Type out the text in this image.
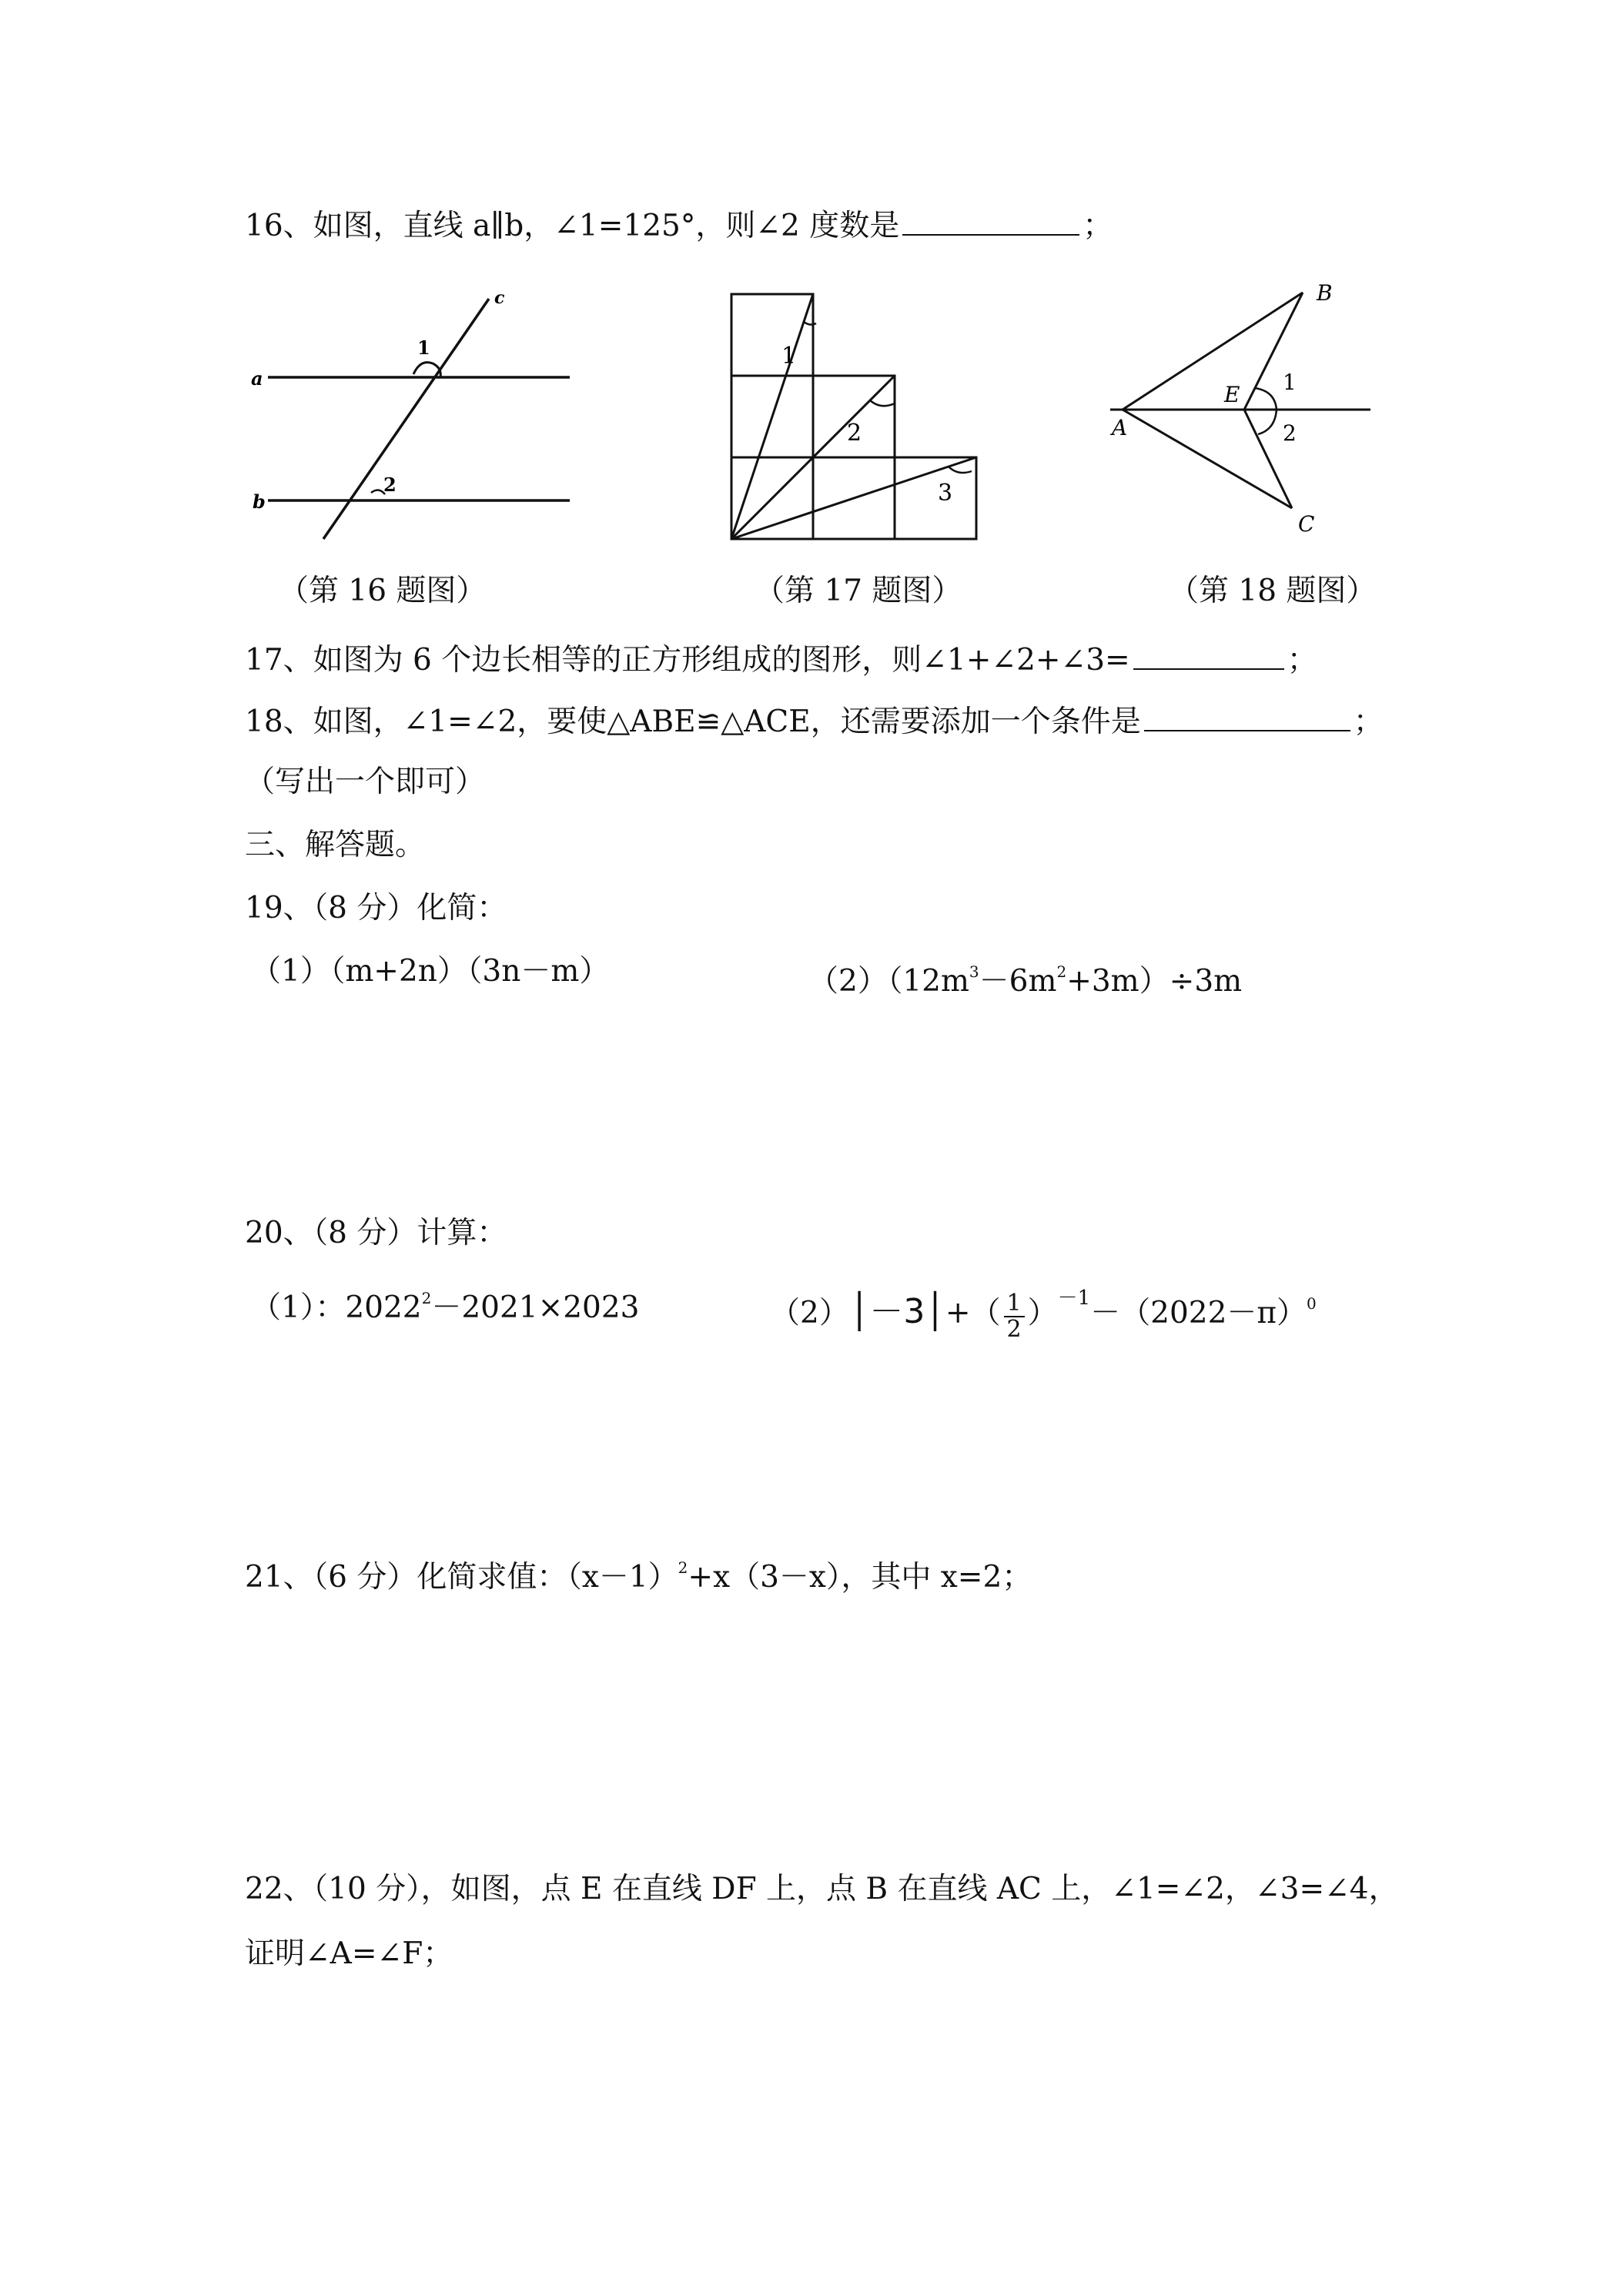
16、如图，直线 a∥b，∠1=125°，则∠2 度数是	；
a
b
c
1
2
1
2
3
A
B
C
E 1
2
（第 16 题图）	（第 17 题图）	（第 18 题图）
17、如图为 6 个边长相等的正方形组成的图形，则∠1+∠2+∠3=	；
18、如图，∠1=∠2，要使△ABE≌△ACE，还需要添加一个条件是	；
（写出一个即可）
三、解答题。
19、（8 分）化简：
（1）（m+2n）（3n－m）	$(2)(12m^3-6m^2+3m)\div 3m$
20、（8 分）计算：
（1）：$2022^2-2021\times 2023$	（2）│－3│+（ $\frac{1}{2} )^{-1}-(2022-\pi)^0$
21、（6 分）化简求值：$(x-1)^2+x(3-x)$，其中 x=2；
22、（10 分），如图，点 E 在直线 DF 上，点 B 在直线 AC 上，∠1=∠2，∠3=∠4，
证明∠A=∠F；
